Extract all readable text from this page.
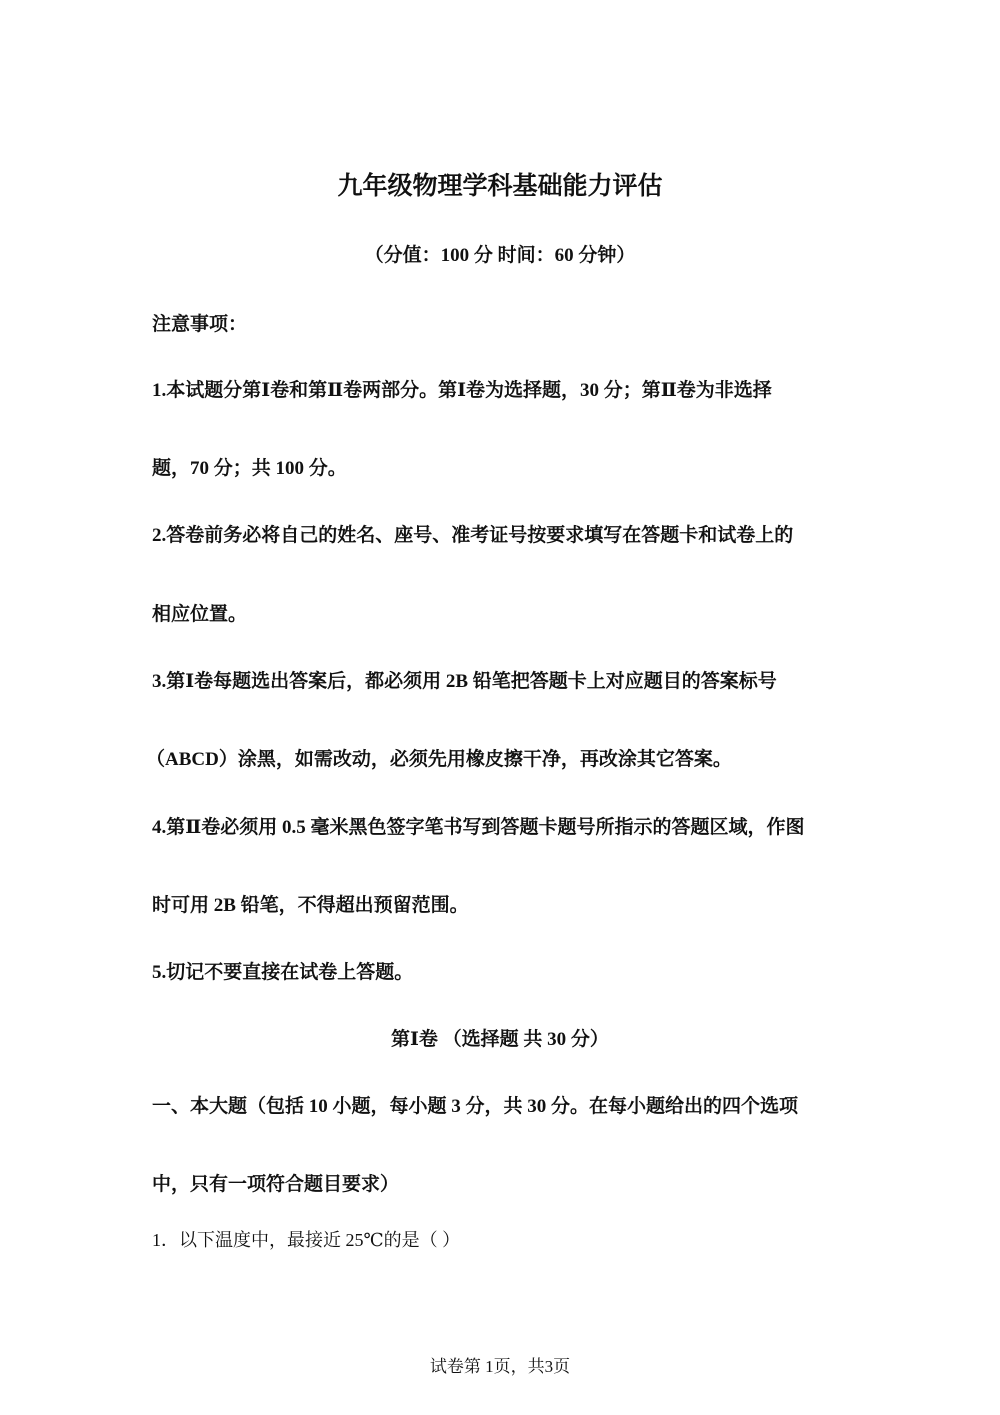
九年级物理学科基础能力评估
（分值：100 分 时间：60 分钟）
注意事项：
1.本试题分第Ⅰ卷和第Ⅱ卷两部分。第Ⅰ卷为选择题，30 分；第Ⅱ卷为非选择
题，70 分；共 100 分。
2.答卷前务必将自己的姓名、座号、准考证号按要求填写在答题卡和试卷上的
相应位置。
3.第Ⅰ卷每题选出答案后，都必须用 2B 铅笔把答题卡上对应题目的答案标号
（ABCD）涂黑，如需改动，必须先用橡皮擦干净，再改涂其它答案。
4.第Ⅱ卷必须用 0.5 毫米黑色签字笔书写到答题卡题号所指示的答题区域，作图
时可用 2B 铅笔，不得超出预留范围。
5.切记不要直接在试卷上答题。
第Ⅰ卷 （选择题 共 30 分）
一、本大题（包括 10 小题，每小题 3 分，共 30 分。在每小题给出的四个选项
中，只有一项符合题目要求）
1．以下温度中，最接近 25℃的是（ ）
试卷第 1页，共3页
